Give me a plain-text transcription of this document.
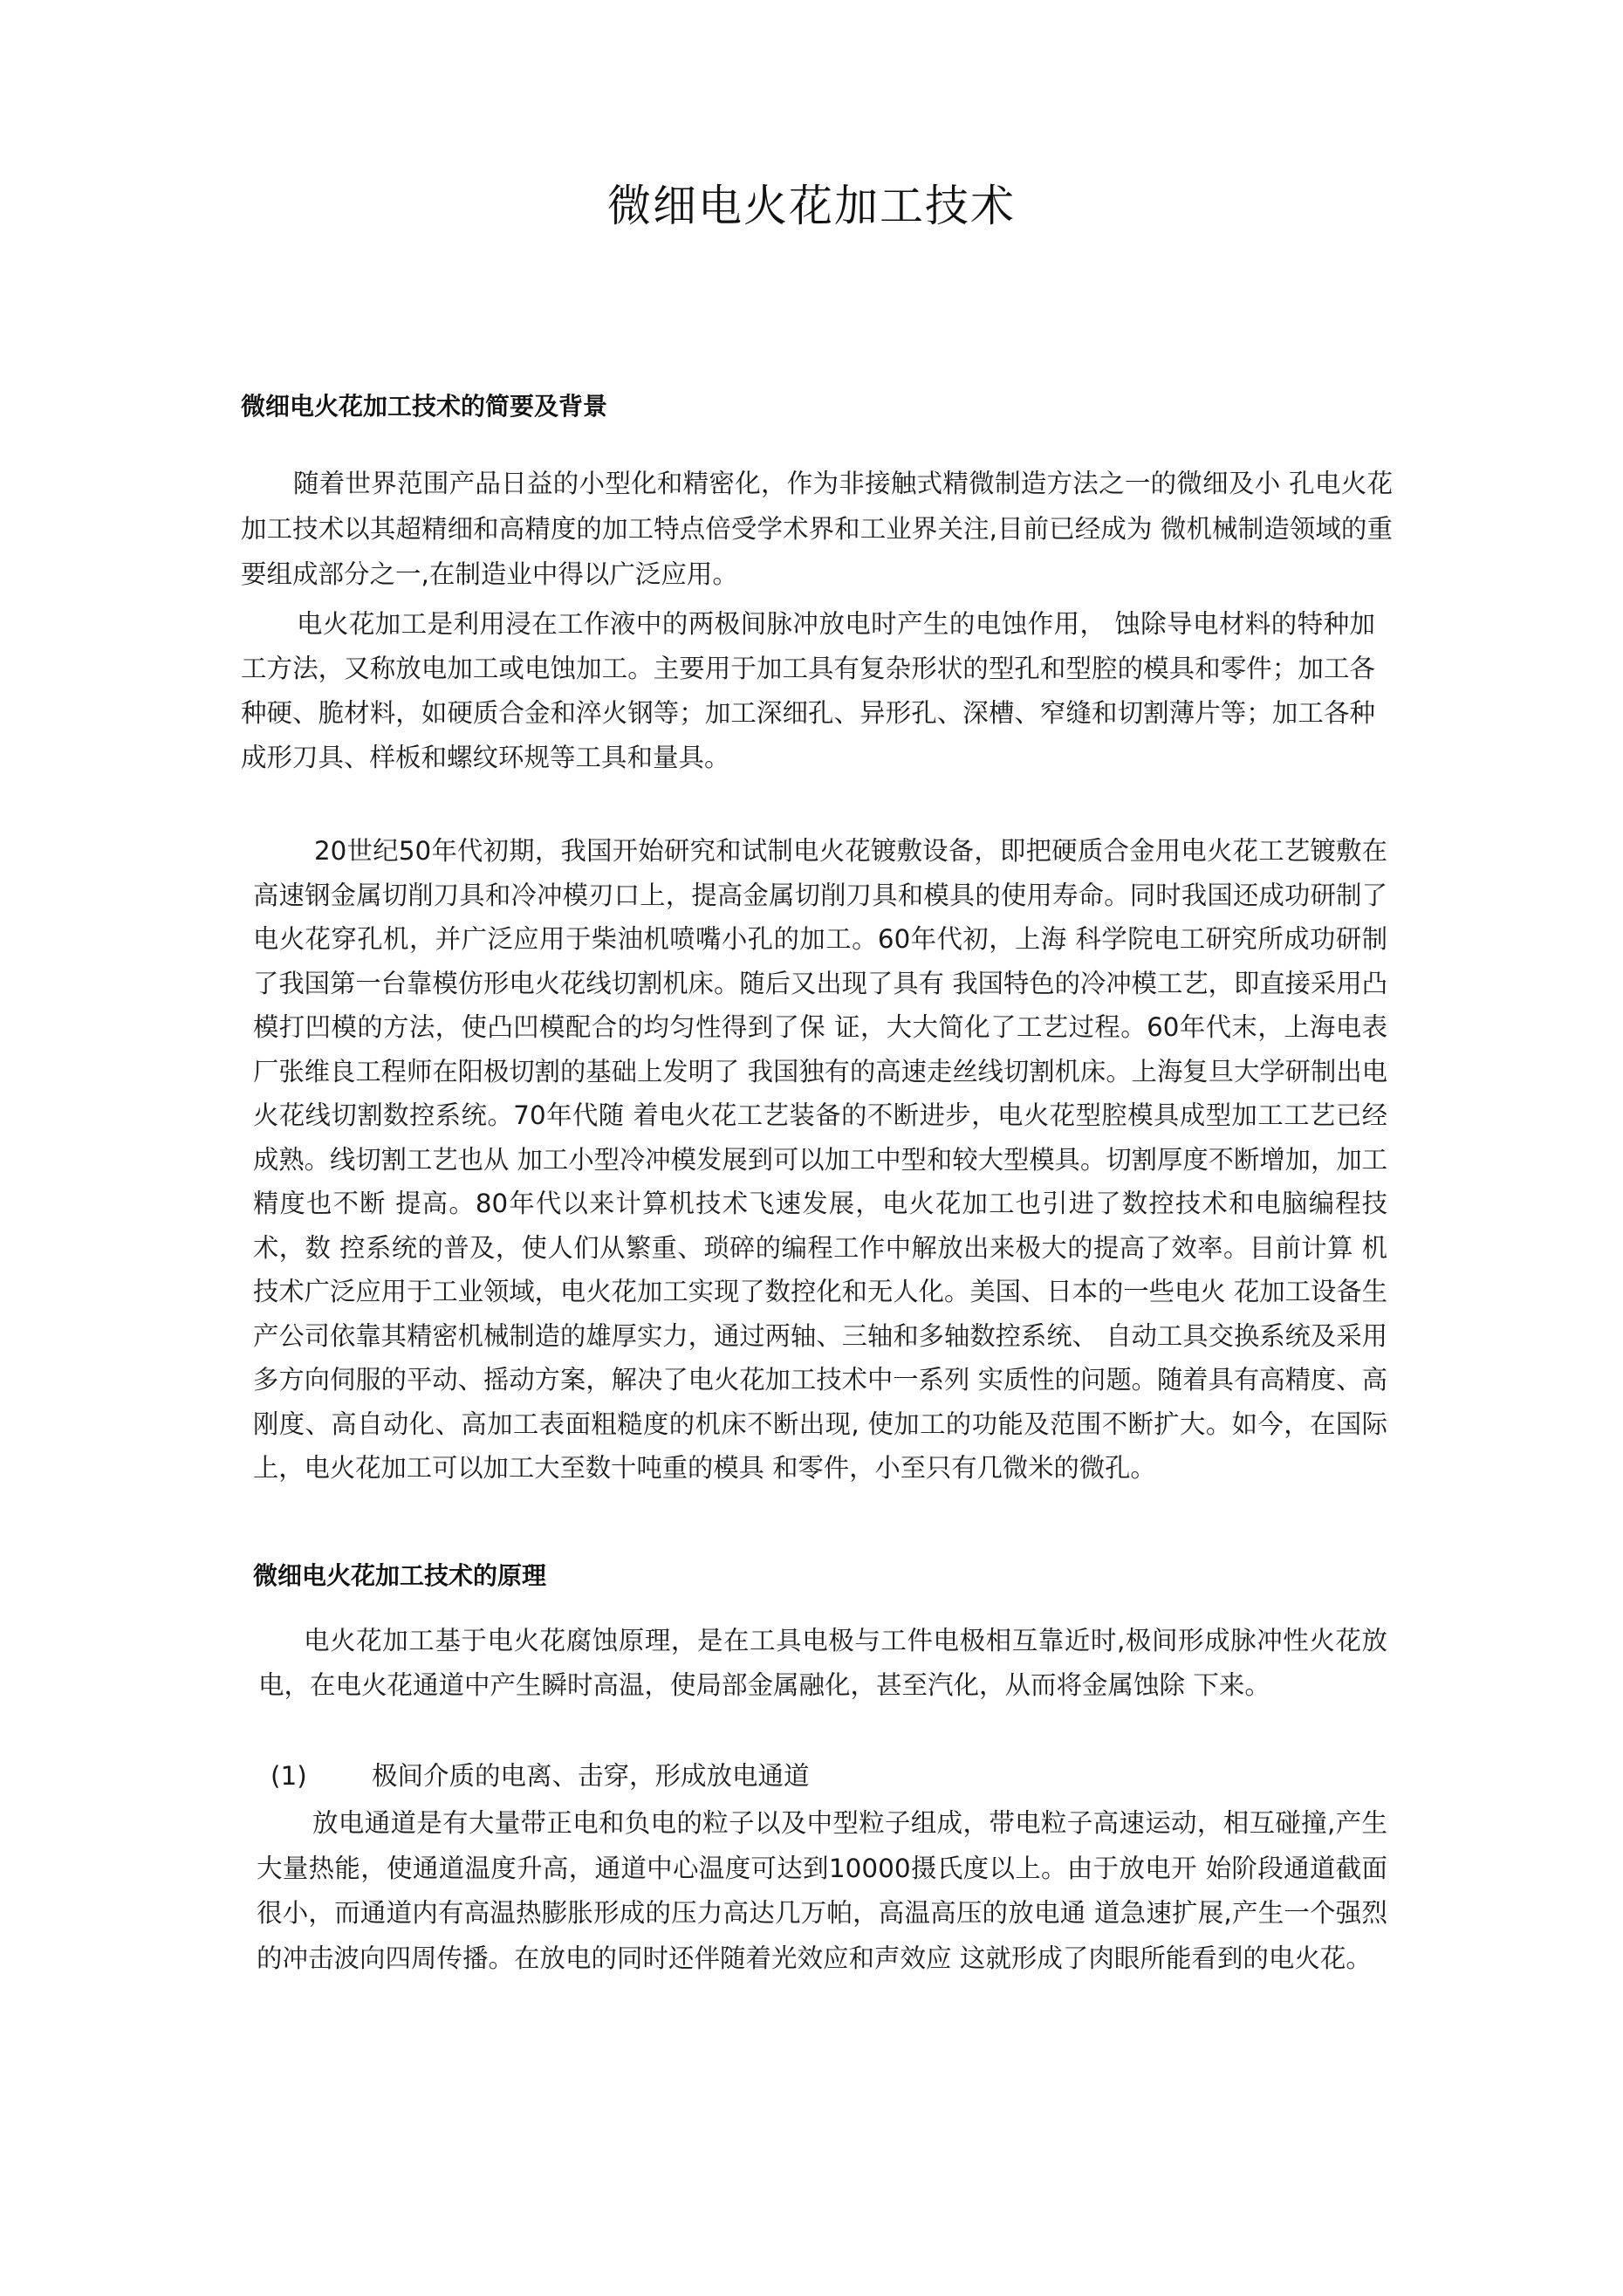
微细电火花加工技术
微细电火花加工技术的简要及背景

随着世界范围产品日益的小型化和精密化，作为非接触式精微制造方法之一的微细及小 孔电火花加工技术以其超精细和高精度的加工特点倍受学术界和工业界关注,目前已经成为 微机械制造领域的重要组成部分之一,在制造业中得以广泛应用。

电火花加工是利用浸在工作液中的两极间脉冲放电时产生的电蚀作用， 蚀除导电材料的特种加工方法，又称放电加工或电蚀加工。主要用于加工具有复杂形状的型孔和型腔的模具和零件；加工各种硬、脆材料，如硬质合金和淬火钢等；加工深细孔、异形孔、深槽、窄缝和切割薄片等；加工各种成形刀具、样板和螺纹环规等工具和量具。

20世纪50年代初期，我国开始研究和试制电火花镀敷设备，即把硬质合金用电火花工艺镀敷在高速钢金属切削刀具和冷冲模刃口上，提高金属切削刀具和模具的使用寿命。同时我国还成功研制了电火花穿孔机，并广泛应用于柴油机喷嘴小孔的加工。60年代初，上海 科学院电工研究所成功研制了我国第一台靠模仿形电火花线切割机床。随后又出现了具有 我国特色的冷冲模工艺，即直接采用凸模打凹模的方法，使凸凹模配合的均匀性得到了保 证，大大简化了工艺过程。60年代末，上海电表厂张维良工程师在阳极切割的基础上发明了 我国独有的高速走丝线切割机床。上海复旦大学研制出电火花线切割数控系统。70年代随 着电火花工艺装备的不断进步，电火花型腔模具成型加工工艺已经成熟。线切割工艺也从 加工小型冷冲模发展到可以加工中型和较大型模具。切割厚度不断增加，加工精度也不断 提高。80年代以来计算机技术飞速发展，电火花加工也引进了数控技术和电脑编程技术，数 控系统的普及，使人们从繁重、琐碎的编程工作中解放出来极大的提高了效率。目前计算 机技术广泛应用于工业领域，电火花加工实现了数控化和无人化。美国、日本的一些电火 花加工设备生产公司依靠其精密机械制造的雄厚实力，通过两轴、三轴和多轴数控系统、 自动工具交换系统及采用多方向伺服的平动、摇动方案，解决了电火花加工技术中一系列 实质性的问题。随着具有高精度、高刚度、高自动化、高加工表面粗糙度的机床不断出现, 使加工的功能及范围不断扩大。如今，在国际上，电火花加工可以加工大至数十吨重的模具 和零件，小至只有几微米的微孔。

微细电火花加工技术的原理

电火花加工基于电火花腐蚀原理，是在工具电极与工件电极相互靠近时,极间形成脉冲性火花放电，在电火花通道中产生瞬时高温，使局部金属融化，甚至汽化，从而将金属蚀除 下来。

(1)	极间介质的电离、击穿，形成放电通道

放电通道是有大量带正电和负电的粒子以及中型粒子组成，带电粒子高速运动，相互碰撞,产生大量热能，使通道温度升高，通道中心温度可达到10000摄氏度以上。由于放电开 始阶段通道截面很小，而通道内有高温热膨胀形成的压力高达几万帕，高温高压的放电通 道急速扩展,产生一个强烈的冲击波向四周传播。在放电的同时还伴随着光效应和声效应 这就形成了肉眼所能看到的电火花。
